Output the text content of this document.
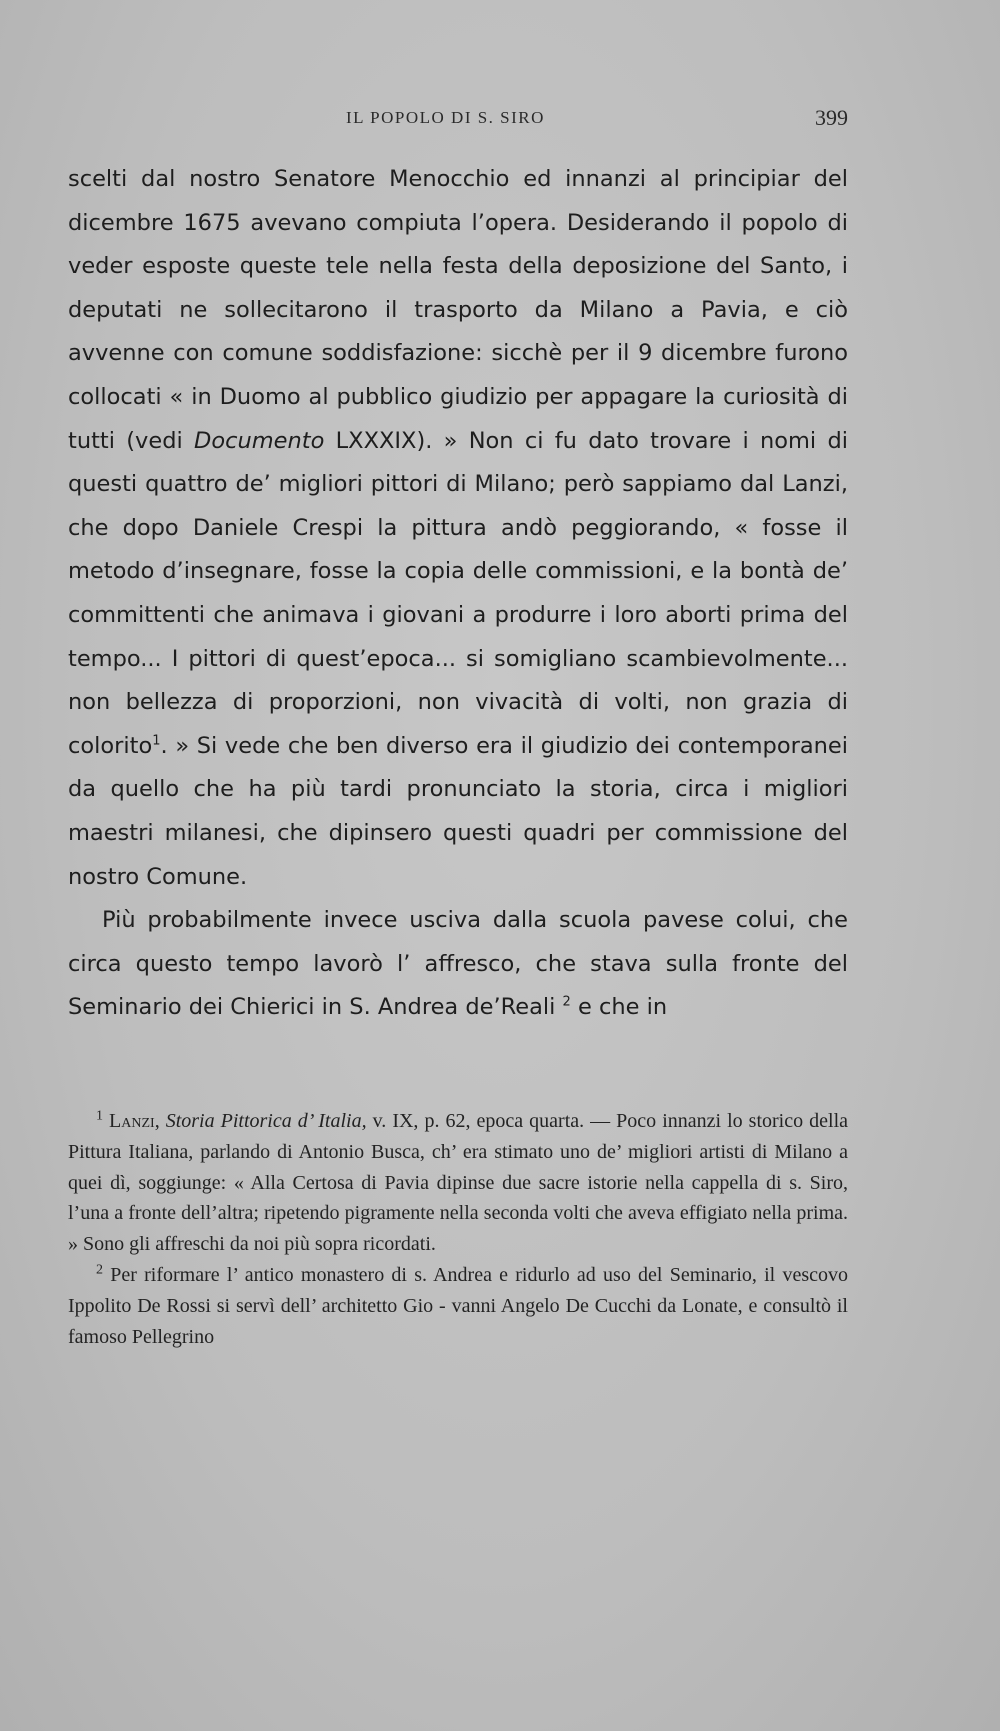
IL POPOLO DI S. SIRO	399

scelti dal nostro Senatore Menocchio ed innanzi al principiar del dicembre 1675 avevano compiuta l’opera. Desiderando il popolo di veder esposte queste tele nella festa della deposizione del Santo, i deputati ne sollecitarono il trasporto da Milano a Pavia, e ciò avvenne con comune soddisfazione: sicchè per il 9 dicembre furono collocati « in Duomo al pubblico giudizio per appagare la curiosità di tutti (vedi Documento LXXXIX). » Non ci fu dato trovare i nomi di questi quattro de’ migliori pittori di Milano; però sappiamo dal Lanzi, che dopo Daniele Crespi la pittura andò peggiorando, « fosse il metodo d’insegnare, fosse la copia delle commissioni, e la bontà de’ committenti che animava i giovani a produrre i loro aborti prima del tempo... I pittori di quest’epoca... si somigliano scambievolmente... non bellezza di proporzioni, non vivacità di volti, non grazia di colorito$^1$. » Si vede che ben diverso era il giudizio dei contemporanei da quello che ha più tardi pronunciato la storia, circa i migliori maestri milanesi, che dipinsero questi quadri per commissione del nostro Comune.

Più probabilmente invece usciva dalla scuola pavese colui, che circa questo tempo lavorò l’ affresco, che stava sulla fronte del Seminario dei Chierici in S. Andrea de’Reali $^2$ e che in

$^1$ Lanzi, Storia Pittorica d’ Italia, v. IX, p. 62, epoca quarta. — Poco innanzi lo storico della Pittura Italiana, parlando di Antonio Busca, ch’ era stimato uno de’ migliori artisti di Milano a quei dì, soggiunge: « Alla Certosa di Pavia dipinse due sacre istorie nella cappella di s. Siro, l’una a fronte dell’altra; ripetendo pigramente nella seconda volti che aveva effigiato nella prima. » Sono gli affreschi da noi più sopra ricordati.

$^2$ Per riformare l’ antico monastero di s. Andrea e ridurlo ad uso del Seminario, il vescovo Ippolito De Rossi si servì dell’ architetto Gio - vanni Angelo De Cucchi da Lonate, e consultò il famoso Pellegrino
